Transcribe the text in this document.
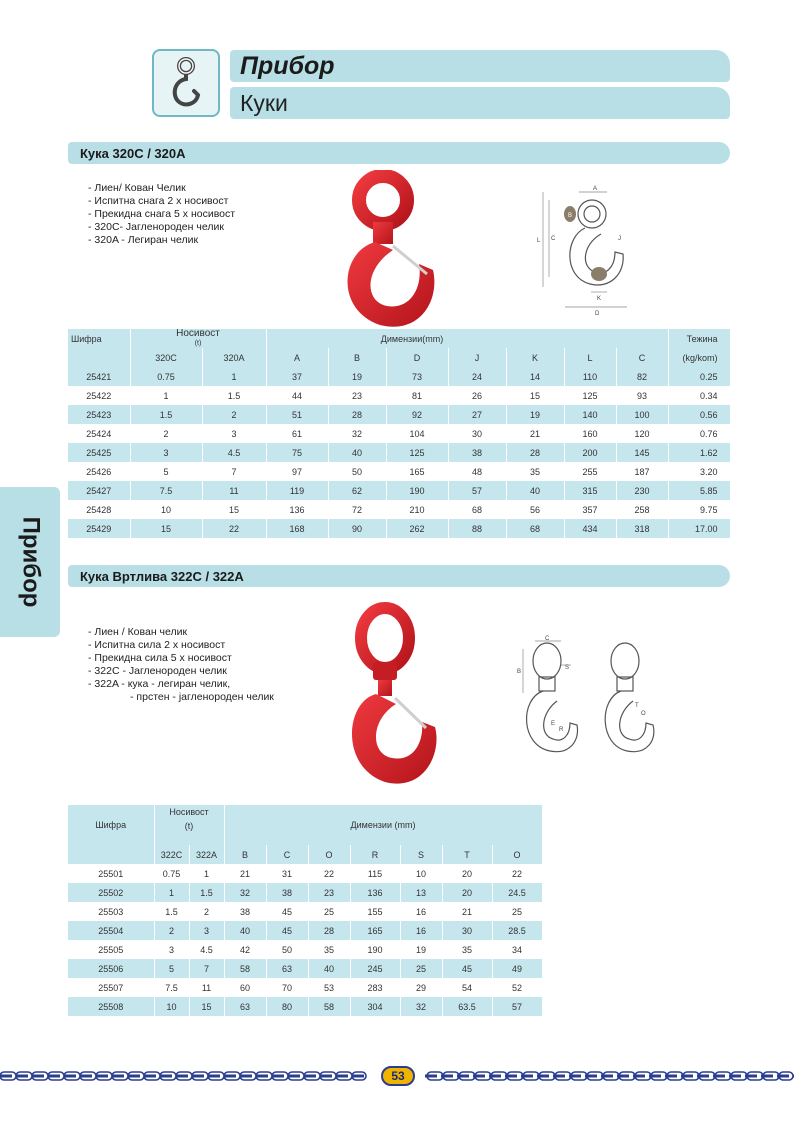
Прибор
Куки
Прибор
Кука 320C / 320A
- Лиен/ Кован Челик
- Испитна снага 2 х носивост
- Прекидна снага 5 х носивост
- 320C- Јагленороден челик
- 320A - Легиран челик
A
B
L C	J
K
D
Шифра	Носивост
(t)		Димензии(mm)							Тежина
	320C	320A	A	B	D	J	K	L	C	(kg/kom)
25421	0.75	1	37	19	73	24	14	110	82	0.25
25422	1	1.5	44	23	81	26	15	125	93	0.34
25423	1.5	2	51	28	92	27	19	140	100	0.56
25424	2	3	61	32	104	30	21	160	120	0.76
25425	3	4.5	75	40	125	38	28	200	145	1.62
25426	5	7	97	50	165	48	35	255	187	3.20
25427	7.5	11	119	62	190	57	40	315	230	5.85
25428	10	15	136	72	210	68	56	357	258	9.75
25429	15	22	168	90	262	88	68	434	318	17.00
Кука Вртлива 322C / 322A
- Лиен / Кован челик
- Испитна сила 2 х носивост
- Прекидна сила 5 х носивост
- 322C - Јагленороден челик
- 322A - кука - легиран челик,
- прстен - јагленороден челик
C
B
S
E
R
O
T
Шифра	Носивост
(t)		Димензии (mm)						

	322C	322A	B	C	O	R	S	T	O
25501	0.75	1	21	31	22	115	10	20	22
25502	1	1.5	32	38	23	136	13	20	24.5
25503	1.5	2	38	45	25	155	16	21	25
25504	2	3	40	45	28	165	16	30	28.5
25505	3	4.5	42	50	35	190	19	35	34
25506	5	7	58	63	40	245	25	45	49
25507	7.5	11	60	70	53	283	29	54	52
25508	10	15	63	80	58	304	32	63.5	57
53
